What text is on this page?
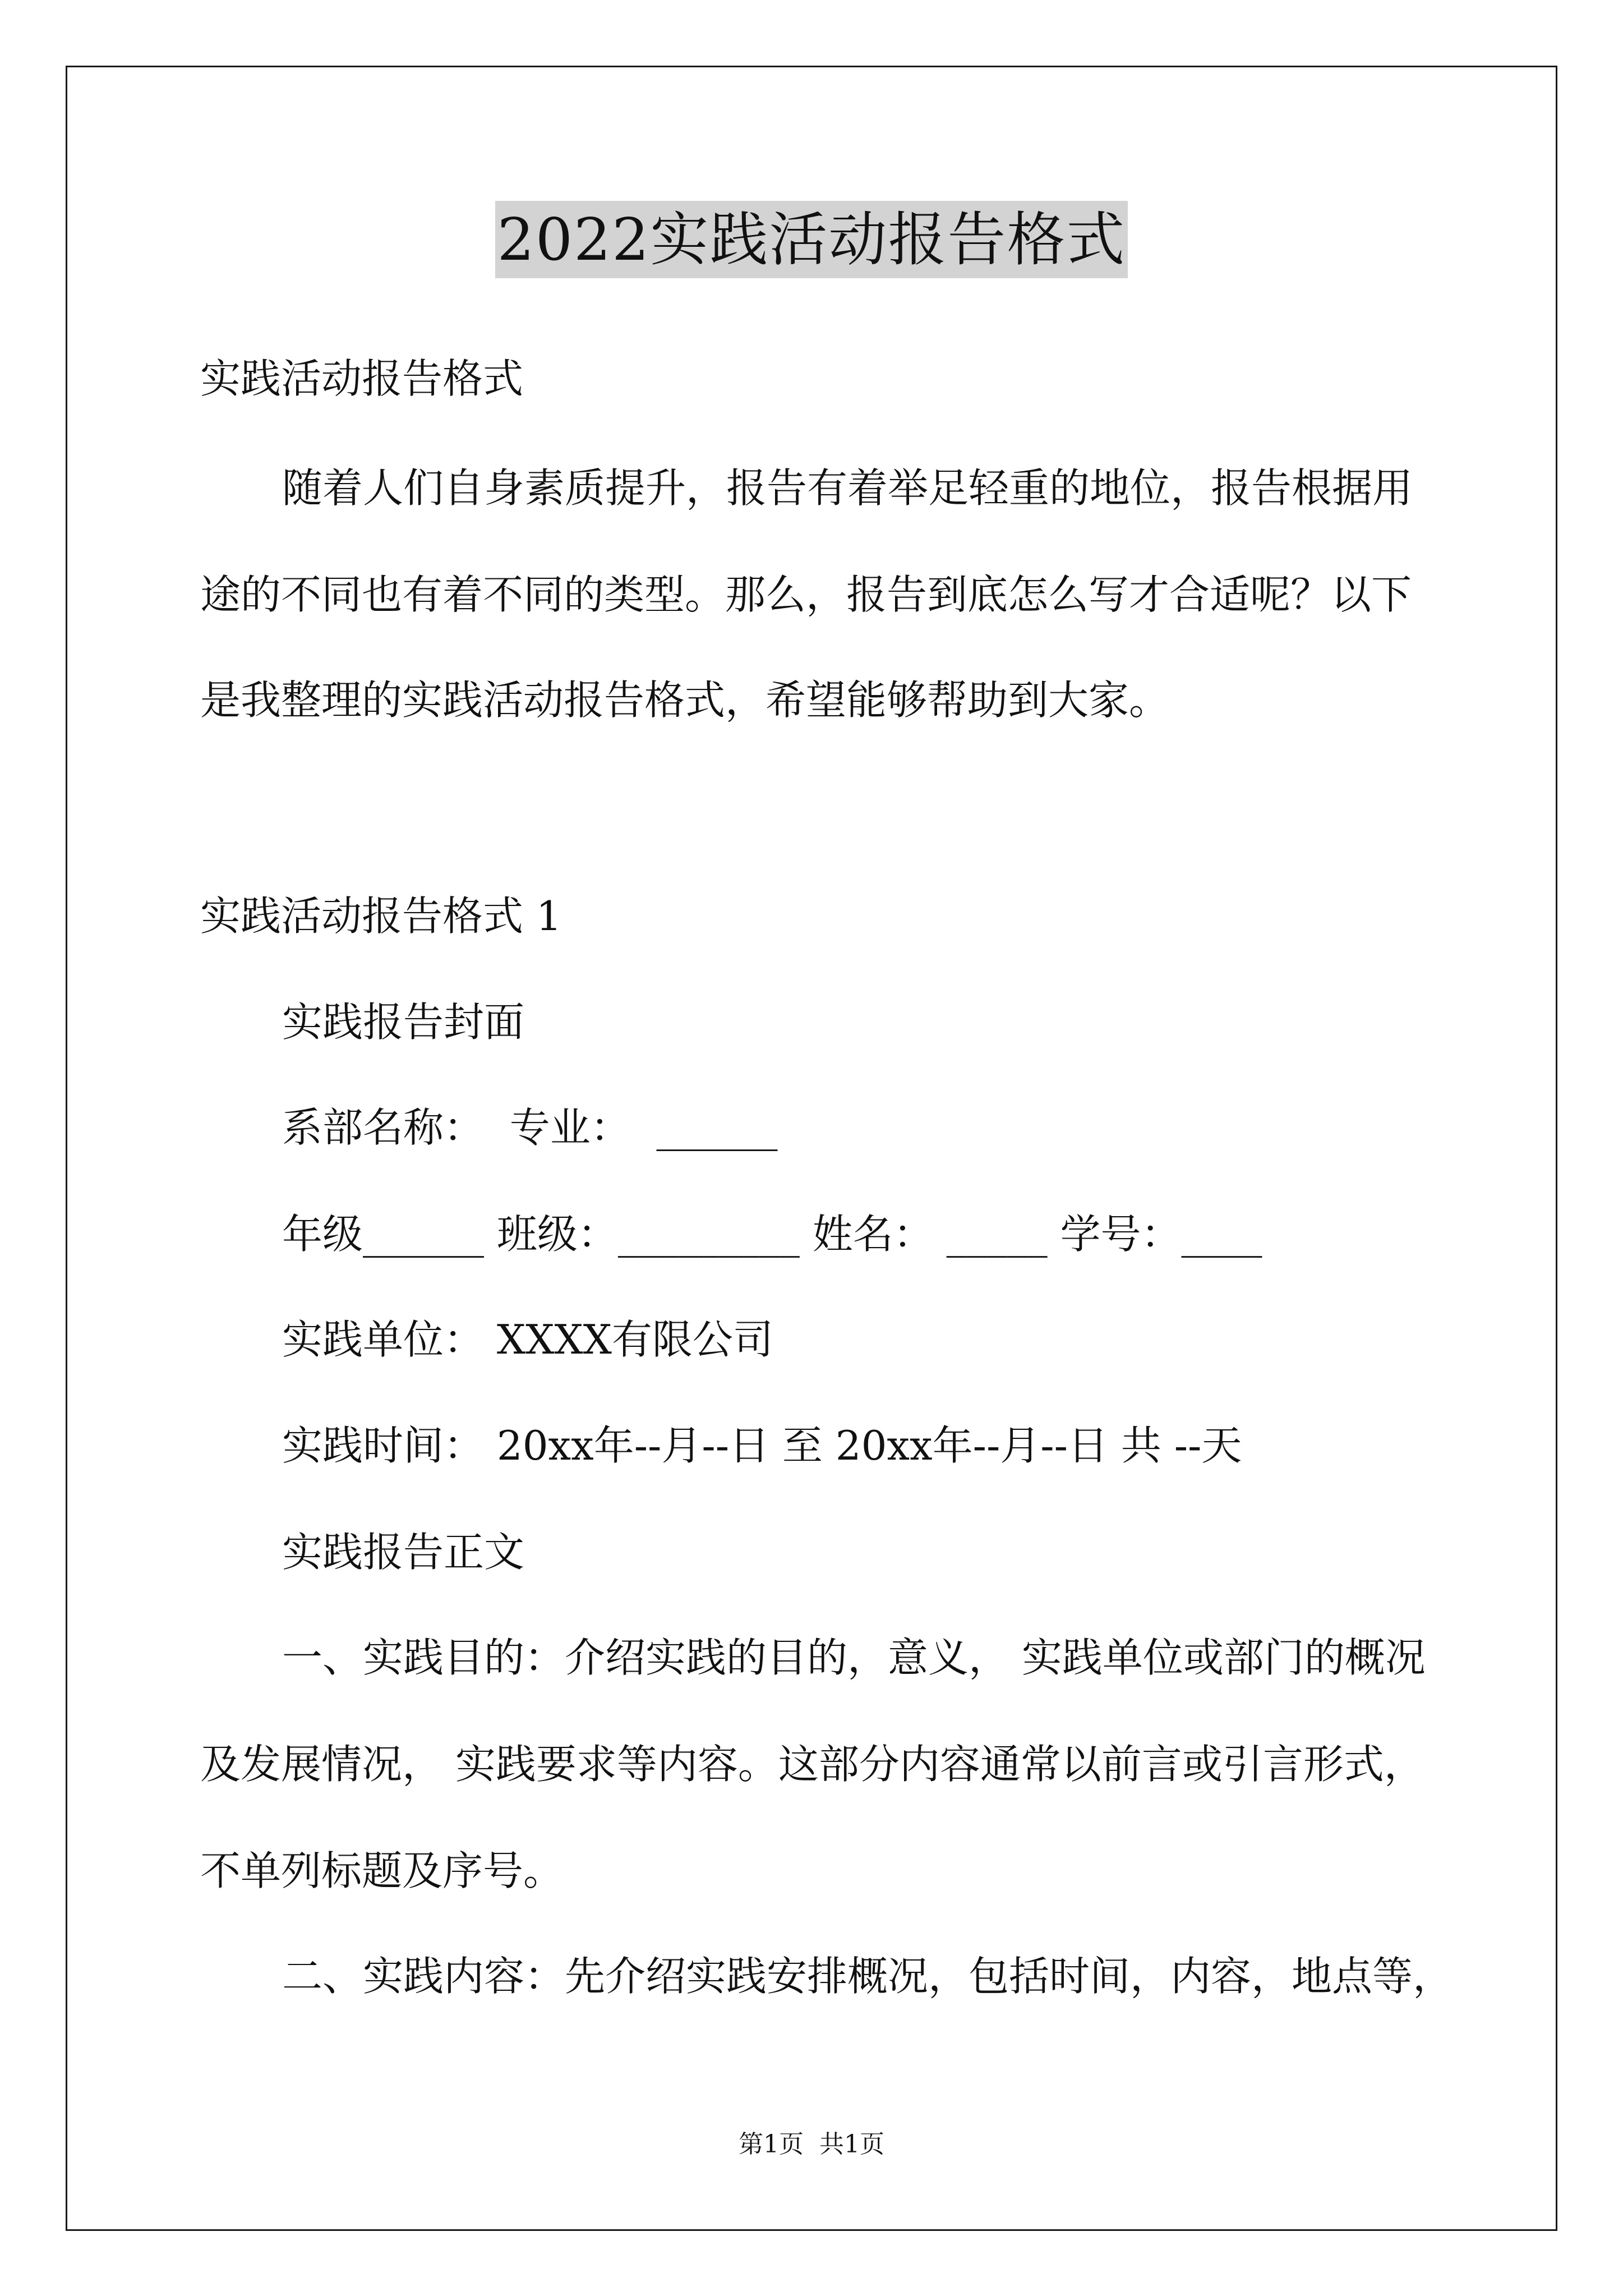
2022实践活动报告格式
实践活动报告格式
随着人们自身素质提升，报告有着举足轻重的地位，报告根据用
途的不同也有着不同的类型。那么，报告到底怎么写才合适呢？以下
是我整理的实践活动报告格式，希望能够帮助到大家。
实践活动报告格式 1
实践报告封面
系部名称：  专业：  ______
年级______ 班级：_________ 姓名： _____ 学号：____
实践单位： XXXX有限公司
实践时间： 20xx年--月--日 至 20xx年--月--日 共 --天
实践报告正文
一、实践目的：介绍实践的目的，意义， 实践单位或部门的概况
及发展情况， 实践要求等内容。这部分内容通常以前言或引言形式，
不单列标题及序号。
二、实践内容：先介绍实践安排概况，包括时间，内容，地点等，
第1页  共1页
